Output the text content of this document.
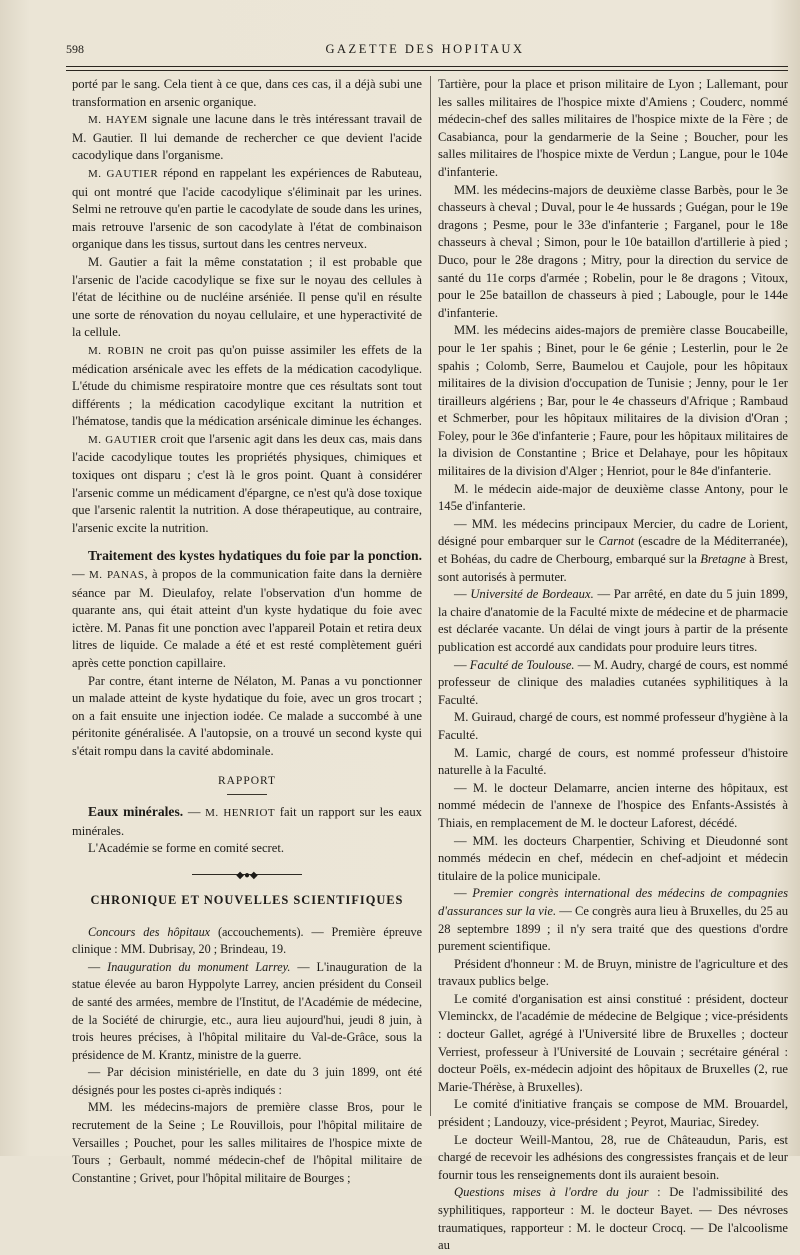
598	GAZETTE DES HOPITAUX

porté par le sang. Cela tient à ce que, dans ces cas, il a déjà subi une transformation en arsenic organique.

M. HAYEM signale une lacune dans le très intéressant travail de M. Gautier. Il lui demande de rechercher ce que devient l'acide cacodylique dans l'organisme.

M. GAUTIER répond en rappelant les expériences de Rabuteau, qui ont montré que l'acide cacodylique s'éliminait par les urines. Selmi ne retrouve qu'en partie le cacodylate de soude dans les urines, mais retrouve l'arsenic de son cacodylate à l'état de combinaison organique dans les tissus, surtout dans les centres nerveux.

M. Gautier a fait la même constatation ; il est probable que l'arsenic de l'acide cacodylique se fixe sur le noyau des cellules à l'état de lécithine ou de nucléine arséniée. Il pense qu'il en résulte une sorte de rénovation du noyau cellulaire, et une hyperactivité de la cellule.

M. ROBIN ne croit pas qu'on puisse assimiler les effets de la médication arsénicale avec les effets de la médication cacodylique. L'étude du chimisme respiratoire montre que ces résultats sont tout différents ; la médication cacodylique excitant la nutrition et l'hématose, tandis que la médication arsénicale diminue les échanges.

M. GAUTIER croit que l'arsenic agit dans les deux cas, mais dans l'acide cacodylique toutes les propriétés physiques, chimiques et toxiques ont disparu ; c'est là le gros point. Quant à considérer l'arsenic comme un médicament d'épargne, ce n'est qu'à dose toxique que l'arsenic ralentit la nutrition. A dose thérapeutique, au contraire, l'arsenic excite la nutrition.

Traitement des kystes hydatiques du foie par la ponction. — M. PANAS, à propos de la communication faite dans la dernière séance par M. Dieulafoy, relate l'observation d'un homme de quarante ans, qui était atteint d'un kyste hydatique du foie avec ictère. M. Panas fit une ponction avec l'appareil Potain et retira deux litres de liquide. Ce malade a été et est resté complètement guéri après cette ponction capillaire.

Par contre, étant interne de Nélaton, M. Panas a vu ponctionner un malade atteint de kyste hydatique du foie, avec un gros trocart ; on a fait ensuite une injection iodée. Ce malade a succombé à une péritonite généralisée. A l'autopsie, on a trouvé un second kyste qui s'était rompu dans la cavité abdominale.

RAPPORT

Eaux minérales. — M. HENRIOT fait un rapport sur les eaux minérales.

L'Académie se forme en comité secret.

◆●◆

CHRONIQUE ET NOUVELLES SCIENTIFIQUES

Concours des hôpitaux (accouchements). — Première épreuve clinique : MM. Dubrisay, 20 ; Brindeau, 19.

— Inauguration du monument Larrey. — L'inauguration de la statue élevée au baron Hyppolyte Larrey, ancien président du Conseil de santé des armées, membre de l'Institut, de l'Académie de médecine, de la Société de chirurgie, etc., aura lieu aujourd'hui, jeudi 8 juin, à trois heures précises, à l'hôpital militaire du Val-de-Grâce, sous la présidence de M. Krantz, ministre de la guerre.

— Par décision ministérielle, en date du 3 juin 1899, ont été désignés pour les postes ci-après indiqués :

MM. les médecins-majors de première classe Bros, pour le recrutement de la Seine ; Le Rouvillois, pour l'hôpital militaire de Versailles ; Pouchet, pour les salles militaires de l'hospice mixte de Tours ; Gerbault, nommé médecin-chef de l'hôpital militaire de Constantine ; Grivet, pour l'hôpital militaire de Bourges ;

Tartière, pour la place et prison militaire de Lyon ; Lallemant, pour les salles militaires de l'hospice mixte d'Amiens ; Couderc, nommé médecin-chef des salles militaires de l'hospice mixte de la Fère ; de Casabianca, pour la gendarmerie de la Seine ; Boucher, pour les salles militaires de l'hospice mixte de Verdun ; Langue, pour le 104e d'infanterie.

MM. les médecins-majors de deuxième classe Barbès, pour le 3e chasseurs à cheval ; Duval, pour le 4e hussards ; Guégan, pour le 19e dragons ; Pesme, pour le 33e d'infanterie ; Farganel, pour le 18e chasseurs à cheval ; Simon, pour le 10e bataillon d'artillerie à pied ; Duco, pour le 28e dragons ; Mitry, pour la direction du service de santé du 11e corps d'armée ; Robelin, pour le 8e dragons ; Vitoux, pour le 25e bataillon de chasseurs à pied ; Labougle, pour le 144e d'infanterie.

MM. les médecins aides-majors de première classe Boucabeille, pour le 1er spahis ; Binet, pour le 6e génie ; Lesterlin, pour le 2e spahis ; Colomb, Serre, Baumelou et Caujole, pour les hôpitaux militaires de la division d'occupation de Tunisie ; Jenny, pour le 1er tirailleurs algériens ; Bar, pour le 4e chasseurs d'Afrique ; Rambaud et Schmerber, pour les hôpitaux militaires de la division d'Oran ; Foley, pour le 36e d'infanterie ; Faure, pour les hôpitaux militaires de la division de Constantine ; Brice et Delahaye, pour les hôpitaux militaires de la division d'Alger ; Henriot, pour le 84e d'infanterie.

M. le médecin aide-major de deuxième classe Antony, pour le 145e d'infanterie.

— MM. les médecins principaux Mercier, du cadre de Lorient, désigné pour embarquer sur le Carnot (escadre de la Méditerranée), et Bohéas, du cadre de Cherbourg, embarqué sur la Bretagne à Brest, sont autorisés à permuter.

— Université de Bordeaux. — Par arrêté, en date du 5 juin 1899, la chaire d'anatomie de la Faculté mixte de médecine et de pharmacie est déclarée vacante. Un délai de vingt jours à partir de la présente publication est accordé aux candidats pour produire leurs titres.

— Faculté de Toulouse. — M. Audry, chargé de cours, est nommé professeur de clinique des maladies cutanées syphilitiques à la Faculté.

M. Guiraud, chargé de cours, est nommé professeur d'hygiène à la Faculté.

M. Lamic, chargé de cours, est nommé professeur d'histoire naturelle à la Faculté.

— M. le docteur Delamarre, ancien interne des hôpitaux, est nommé médecin de l'annexe de l'hospice des Enfants-Assistés à Thiais, en remplacement de M. le docteur Laforest, décédé.

— MM. les docteurs Charpentier, Schiving et Dieudonné sont nommés médecin en chef, médecin en chef-adjoint et médecin titulaire de la police municipale.

— Premier congrès international des médecins de compagnies d'assurances sur la vie. — Ce congrès aura lieu à Bruxelles, du 25 au 28 septembre 1899 ; il n'y sera traité que des questions d'ordre purement scientifique.

Président d'honneur : M. de Bruyn, ministre de l'agriculture et des travaux publics belge.

Le comité d'organisation est ainsi constitué : président, docteur Vleminckx, de l'académie de médecine de Belgique ; vice-présidents : docteur Gallet, agrégé à l'Université libre de Bruxelles ; docteur Verriest, professeur à l'Université de Louvain ; secrétaire général : docteur Poëls, ex-médecin adjoint des hôpitaux de Bruxelles (2, rue Marie-Thérèse, à Bruxelles).

Le comité d'initiative français se compose de MM. Brouardel, président ; Landouzy, vice-président ; Peyrot, Mauriac, Siredey.

Le docteur Weill-Mantou, 28, rue de Châteaudun, Paris, est chargé de recevoir les adhésions des congressistes français et de leur fournir tous les renseignements dont ils auraient besoin.

Questions mises à l'ordre du jour : De l'admissibilité des syphilitiques, rapporteur : M. le docteur Bayet. — Des névroses traumatiques, rapporteur : M. le docteur Crocq. — De l'alcoolisme au
